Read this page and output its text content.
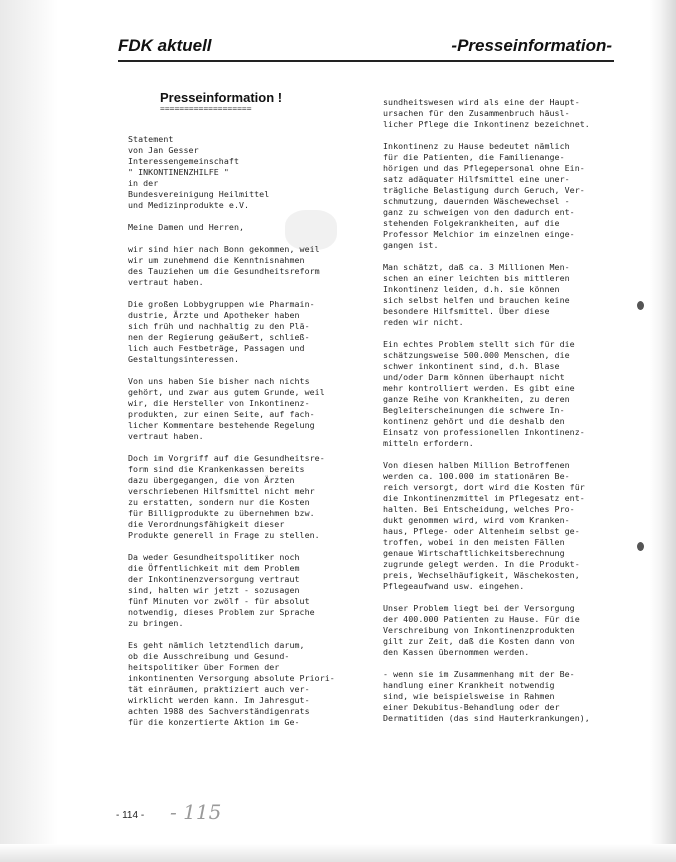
FDK aktuell	-Presseinformation-
Presseinformation !
===================
Statement
von Jan Gesser
Interessengemeinschaft
" INKONTINENZHILFE "
in der
Bundesvereinigung Heilmittel
und Medizinprodukte e.V.
Meine Damen und Herren,
wir sind hier nach Bonn gekommen, weil
wir um zunehmend die Kenntnisnahmen
des Tauziehen um die Gesundheitsreform
vertraut haben.
Die großen Lobbygruppen wie Pharmain-
dustrie, Ärzte und Apotheker haben
sich früh und nachhaltig zu den Plä-
nen der Regierung geäußert, schließ-
lich auch Festbeträge, Passagen und
Gestaltungsinteressen.
Von uns haben Sie bisher nach nichts
gehört, und zwar aus gutem Grunde, weil
wir, die Hersteller von Inkontinenz-
produkten, zur einen Seite, auf fach-
licher Kommentare bestehende Regelung
vertraut haben.
Doch im Vorgriff auf die Gesundheitsre-
form sind die Krankenkassen bereits
dazu übergegangen, die von Ärzten
verschriebenen Hilfsmittel nicht mehr
zu erstatten, sondern nur die Kosten
für Billigprodukte zu übernehmen bzw.
die Verordnungsfähigkeit dieser
Produkte generell in Frage zu stellen.
Da weder Gesundheitspolitiker noch
die Öffentlichkeit mit dem Problem
der Inkontinenzversorgung vertraut
sind, halten wir jetzt - sozusagen
fünf Minuten vor zwölf - für absolut
notwendig, dieses Problem zur Sprache
zu bringen.
Es geht nämlich letztendlich darum,
ob die Ausschreibung und Gesund-
heitspolitiker über Formen der
inkontinenten Versorgung absolute Priori-
tät einräumen, praktiziert auch ver-
wirklicht werden kann. Im Jahresgut-
achten 1988 des Sachverständigenrats
für die konzertierte Aktion im Ge-
sundheitswesen wird als eine der Haupt-
ursachen für den Zusammenbruch häusl-
licher Pflege die Inkontinenz bezeichnet.
Inkontinenz zu Hause bedeutet nämlich
für die Patienten, die Familienange-
hörigen und das Pflegepersonal ohne Ein-
satz adäquater Hilfsmittel eine uner-
trägliche Belastigung durch Geruch, Ver-
schmutzung, dauernden Wäschewechsel -
ganz zu schweigen von den dadurch ent-
stehenden Folgekrankheiten, auf die
Professor Melchior im einzelnen einge-
gangen ist.
Man schätzt, daß ca. 3 Millionen Men-
schen an einer leichten bis mittleren
Inkontinenz leiden, d.h. sie können
sich selbst helfen und brauchen keine
besondere Hilfsmittel. Über diese
reden wir nicht.
Ein echtes Problem stellt sich für die
schätzungsweise 500.000 Menschen, die
schwer inkontinent sind, d.h. Blase
und/oder Darm können überhaupt nicht
mehr kontrolliert werden. Es gibt eine
ganze Reihe von Krankheiten, zu deren
Begleiterscheinungen die schwere In-
kontinenz gehört und die deshalb den
Einsatz von professionellen Inkontinenz-
mitteln erfordern.
Von diesen halben Million Betroffenen
werden ca. 100.000 im stationären Be-
reich versorgt, dort wird die Kosten für
die Inkontinenzmittel im Pflegesatz ent-
halten. Bei Entscheidung, welches Pro-
dukt genommen wird, wird vom Kranken-
haus, Pflege- oder Altenheim selbst ge-
troffen, wobei in den meisten Fällen
genaue Wirtschaftlichkeitsberechnung
zugrunde gelegt werden. In die Produkt-
preis, Wechselhäufigkeit, Wäschekosten,
Pflegeaufwand usw. eingehen.
Unser Problem liegt bei der Versorgung
der 400.000 Patienten zu Hause. Für die
Verschreibung von Inkontinenzprodukten
gilt zur Zeit, daß die Kosten dann von
den Kassen übernommen werden.
- wenn sie im Zusammenhang mit der Be-
handlung einer Krankheit notwendig
sind, wie beispielsweise in Rahmen
einer Dekubitus-Behandlung oder der
Dermatitiden (das sind Hauterkrankungen),
- 114 - - 115
